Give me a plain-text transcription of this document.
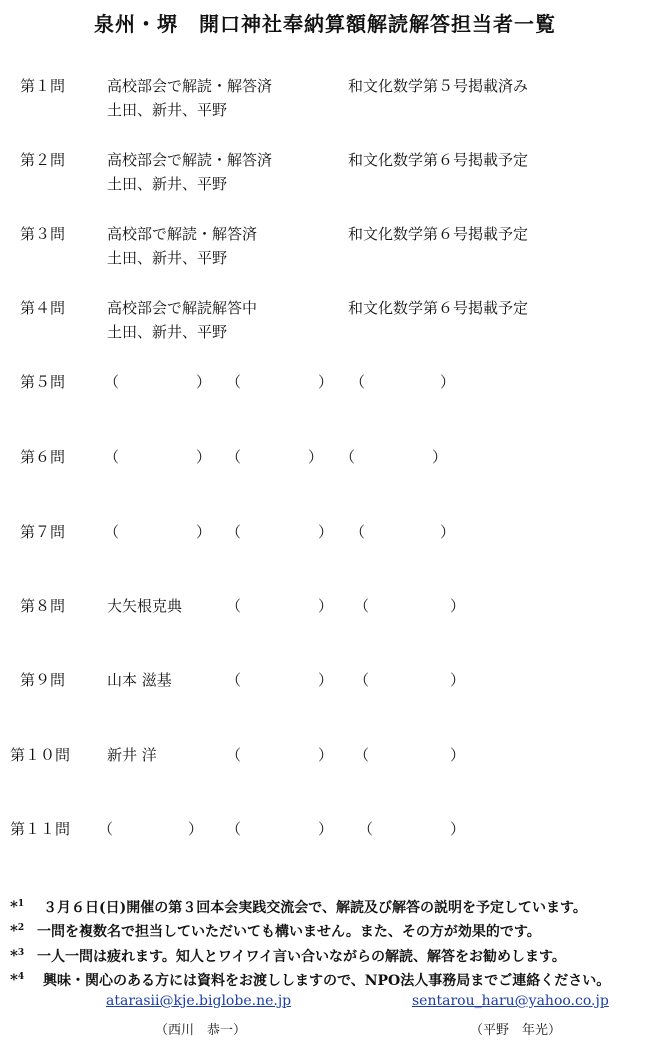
泉州・堺　開口神社奉納算額解読解答担当者一覧
第１問	高校部会で解読・解答済	和文化数学第５号掲載済み
土田、新井、平野
第２問	高校部会で解読・解答済	和文化数学第６号掲載予定
土田、新井、平野
第３問	高校部で解読・解答済	和文化数学第６号掲載予定
土田、新井、平野
第４問	高校部会で解読解答中	和文化数学第６号掲載予定
土田、新井、平野
第５問	（	） （	） （	）
第６問	（	） （	） （	）
第７問	（	） （	） （	）
第８問	大矢根克典	（	） （	）
第９問	山本 滋基	（	） （	）
第１０問 新井 洋	（	） （	）
第１１問 （	） （	） （	）
*$^1$ ３月６日(日)開催の第３回本会実践交流会で、解読及び解答の説明を予定しています。
*$^2$ 一問を複数名で担当していただいても構いません。また、その方が効果的です。
*$^3$ 一人一問は疲れます。知人とワイワイ言い合いながらの解読、解答をお勧めします。
*$^4$ 興味・関心のある方には資料をお渡ししますので、NPO法人事務局までご連絡ください。
atarasii@kje.biglobe.ne.jp	sentarou_haru@yahoo.co.jp
（西川　恭一）	（平野　年光）
